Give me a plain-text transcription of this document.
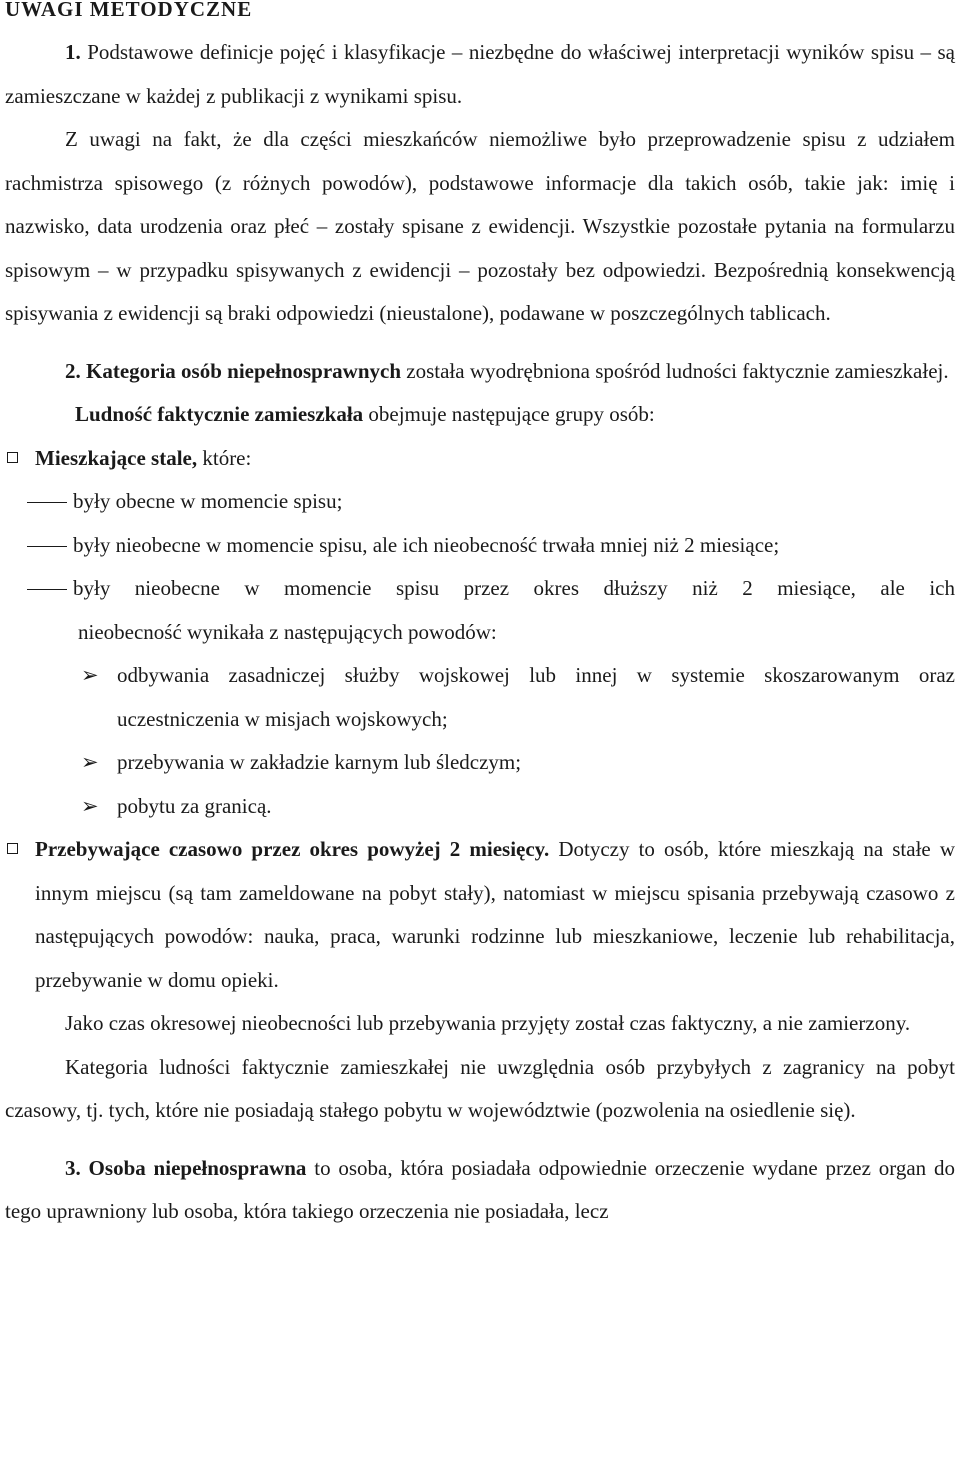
UWAGI METODYCZNE

1. Podstawowe definicje pojęć i klasyfikacje – niezbędne do właściwej interpretacji wyników spisu – są zamieszczane w każdej z publikacji z wynikami spisu.

Z uwagi na fakt, że dla części mieszkańców niemożliwe było przeprowadzenie spisu z udziałem rachmistrza spisowego (z różnych powodów), podstawowe informacje dla takich osób, takie jak: imię i nazwisko, data urodzenia oraz płeć – zostały spisane z ewidencji. Wszystkie pozostałe pytania na formularzu spisowym – w przypadku spisywanych z ewidencji – pozostały bez odpowiedzi. Bezpośrednią konsekwencją spisywania z ewidencji są braki odpowiedzi (nieustalone), podawane w poszczególnych tablicach.

2. Kategoria osób niepełnosprawnych została wyodrębniona spośród ludności faktycznie zamieszkałej.

Ludność faktycznie zamieszkała obejmuje następujące grupy osób:

Mieszkające stale, które:
były obecne w momencie spisu;
były nieobecne w momencie spisu, ale ich nieobecność trwała mniej niż 2 miesiące;
były nieobecne w momencie spisu przez okres dłuższy niż 2 miesiące, ale ich
nieobecność wynikała z następujących powodów:
➢ odbywania zasadniczej służby wojskowej lub innej w systemie skoszarowanym oraz uczestniczenia w misjach wojskowych;
➢ przebywania w zakładzie karnym lub śledczym;
➢ pobytu za granicą.
Przebywające czasowo przez okres powyżej 2 miesięcy. Dotyczy to osób, które mieszkają na stałe w innym miejscu (są tam zameldowane na pobyt stały), natomiast w miejscu spisania przebywają czasowo z następujących powodów: nauka, praca, warunki rodzinne lub mieszkaniowe, leczenie lub rehabilitacja, przebywanie w domu opieki.

Jako czas okresowej nieobecności lub przebywania przyjęty został czas faktyczny, a nie zamierzony.

Kategoria ludności faktycznie zamieszkałej nie uwzględnia osób przybyłych z zagranicy na pobyt czasowy, tj. tych, które nie posiadają stałego pobytu w województwie (pozwolenia na osiedlenie się).

3. Osoba niepełnosprawna to osoba, która posiadała odpowiednie orzeczenie wydane przez organ do tego uprawniony lub osoba, która takiego orzeczenia nie posiadała, lecz
